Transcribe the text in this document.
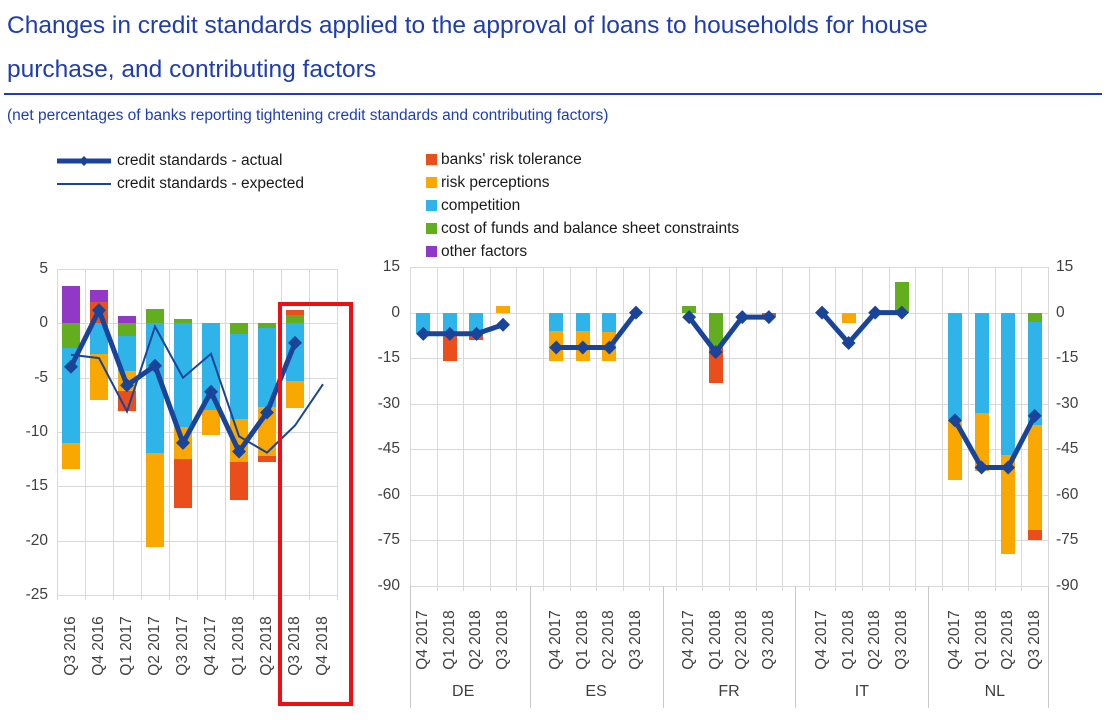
Changes in credit standards applied to the approval of loans to households for house
purchase, and contributing factors
(net percentages of banks reporting tightening credit standards and contributing factors)
credit standards - actual
credit standards - expected
banks' risk tolerance
risk perceptions
competition
cost of funds and balance sheet constraints
other factors
5
0
-5
-10
-15
-20
-25
Q3 2016 Q4 2016 Q1 2017 Q2 2017 Q3 2017 Q4 2017 Q1 2018 Q2 2018 Q3 2018 Q4 2018
15	15
0	0
-15	-15
-30	-30
-45	-45
-60	-60
-75	-75
-90	-90
Q4 2017 Q1 2018 Q2 2018 Q3 2018
DE
Q4 2017 Q1 2018 Q2 2018 Q3 2018
ES
Q4 2017 Q1 2018 Q2 2018 Q3 2018
FR
Q4 2017 Q1 2018 Q2 2018 Q3 2018
IT
Q4 2017 Q1 2018 Q2 2018 Q3 2018
NL
